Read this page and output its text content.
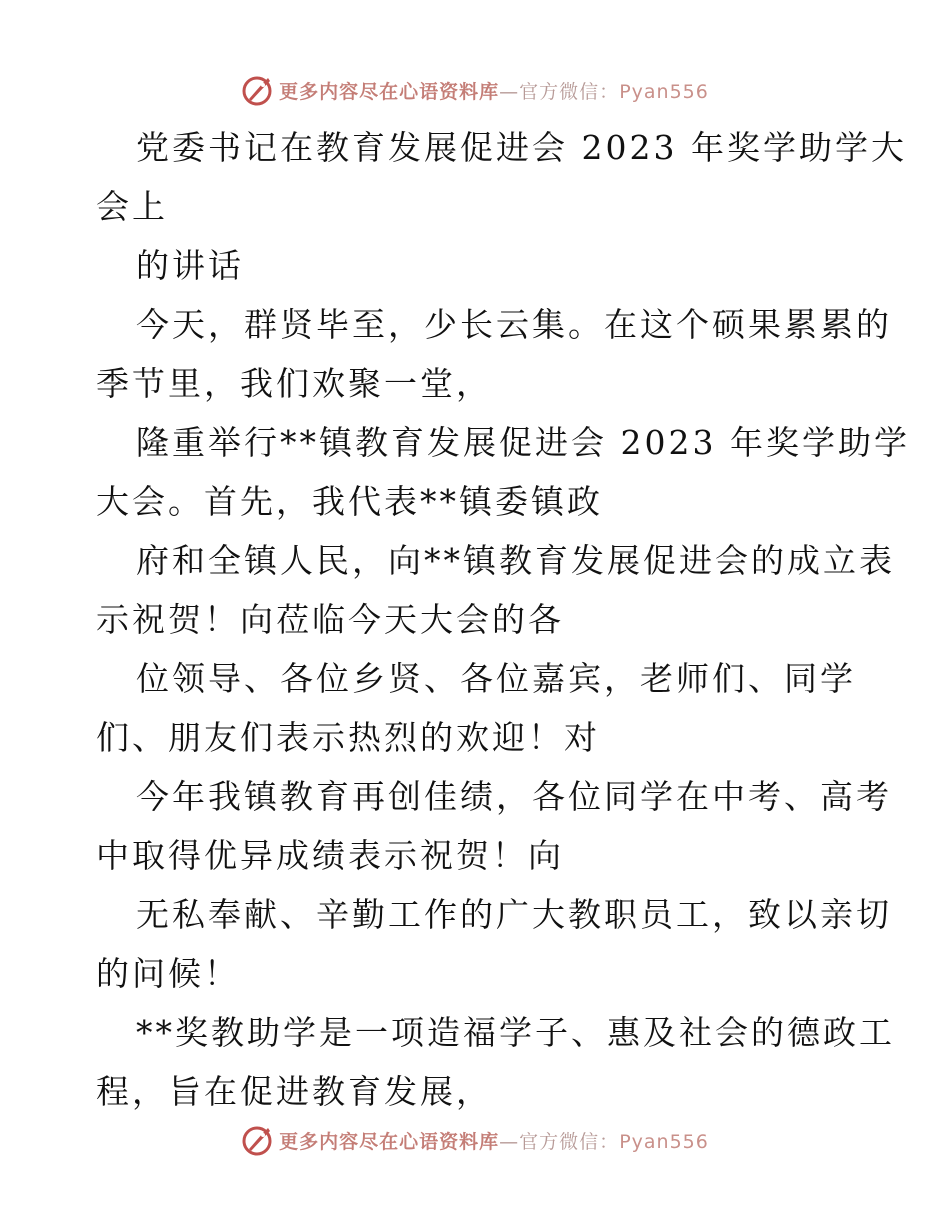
更多内容尽在心语资料库—官方微信：Pyan556
党委书记在教育发展促进会 2023 年奖学助学大
会上
的讲话
今天，群贤毕至，少长云集。在这个硕果累累的
季节里，我们欢聚一堂，
隆重举行**镇教育发展促进会 2023 年奖学助学
大会。首先，我代表**镇委镇政
府和全镇人民，向**镇教育发展促进会的成立表
示祝贺！向莅临今天大会的各
位领导、各位乡贤、各位嘉宾，老师们、同学
们、朋友们表示热烈的欢迎！对
今年我镇教育再创佳绩，各位同学在中考、高考
中取得优异成绩表示祝贺！向
无私奉献、辛勤工作的广大教职员工，致以亲切
的问候！
**奖教助学是一项造福学子、惠及社会的德政工
程，旨在促进教育发展，
更多内容尽在心语资料库—官方微信：Pyan556
